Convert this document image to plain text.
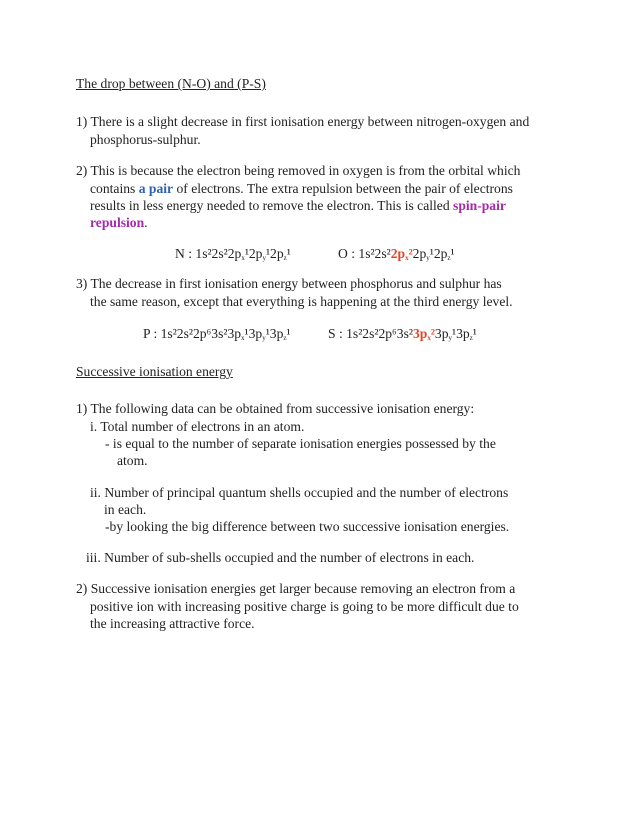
The drop between (N-O) and (P-S)
1) There is a slight decrease in first ionisation energy between nitrogen-oxygen and
phosphorus-sulphur.
2) This is because the electron being removed in oxygen is from the orbital which
contains a pair of electrons. The extra repulsion between the pair of electrons
results in less energy needed to remove the electron. This is called spin-pair
repulsion.
N : $1s^22s^22p_x^12p_y^12p_z^1$	O : $1s^22s^22p_x^22p_y^12p_z^1$
3) The decrease in first ionisation energy between phosphorus and sulphur has
the same reason, except that everything is happening at the third energy level.
P : $1s^22s^22p^63s^23p_x^13p_y^13p_z^1$	S : $1s^22s^22p^63s^23p_x^23p_y^13p_z^1$
Successive ionisation energy
1) The following data can be obtained from successive ionisation energy:
i. Total number of electrons in an atom.
- is equal to the number of separate ionisation energies possessed by the
atom.
ii. Number of principal quantum shells occupied and the number of electrons
in each.
-by looking the big difference between two successive ionisation energies.
iii. Number of sub-shells occupied and the number of electrons in each.
2) Successive ionisation energies get larger because removing an electron from a
positive ion with increasing positive charge is going to be more difficult due to
the increasing attractive force.
